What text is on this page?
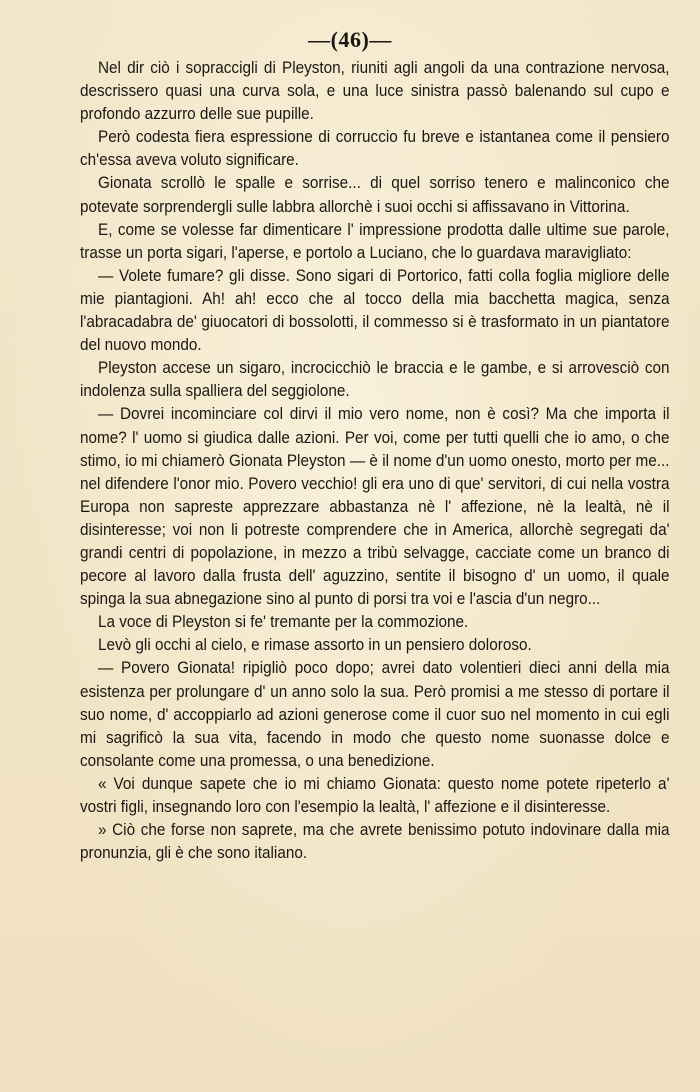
—(46)—

Nel dir ciò i sopraccigli di Pleyston, riuniti agli angoli da una contrazione nervosa, descrissero quasi una curva sola, e una luce sinistra passò balenando sul cupo e profondo azzurro delle sue pupille.

Però codesta fiera espressione di corruccio fu breve e istantanea come il pensiero ch'essa aveva voluto significare.

Gionata scrollò le spalle e sorrise... di quel sorriso tenero e malinconico che potevate sorprendergli sulle labbra allorchè i suoi occhi si affissavano in Vittorina.

E, come se volesse far dimenticare l' impressione prodotta dalle ultime sue parole, trasse un porta sigari, l'aperse, e portolo a Luciano, che lo guardava maravigliato:

— Volete fumare? gli disse. Sono sigari di Portorico, fatti colla foglia migliore delle mie piantagioni. Ah! ah! ecco che al tocco della mia bacchetta magica, senza l'abracadabra de' giuocatori di bossolotti, il commesso si è trasformato in un piantatore del nuovo mondo.

Pleyston accese un sigaro, incrocicchiò le braccia e le gambe, e si arrovesciò con indolenza sulla spalliera del seggiolone.

— Dovrei incominciare col dirvi il mio vero nome, non è così? Ma che importa il nome? l' uomo si giudica dalle azioni. Per voi, come per tutti quelli che io amo, o che stimo, io mi chiamerò Gionata Pleyston — è il nome d'un uomo onesto, morto per me... nel difendere l'onor mio. Povero vecchio! gli era uno di que' servitori, di cui nella vostra Europa non sapreste apprezzare abbastanza nè l' affezione, nè la lealtà, nè il disinteresse; voi non li potreste comprendere che in America, allorchè segregati da' grandi centri di popolazione, in mezzo a tribù selvagge, cacciate come un branco di pecore al lavoro dalla frusta dell' aguzzino, sentite il bisogno d' un uomo, il quale spinga la sua abnegazione sino al punto di porsi tra voi e l'ascia d'un negro...

La voce di Pleyston si fe' tremante per la commozione.

Levò gli occhi al cielo, e rimase assorto in un pensiero doloroso.

— Povero Gionata! ripigliò poco dopo; avrei dato volentieri dieci anni della mia esistenza per prolungare d' un anno solo la sua. Però promisi a me stesso di portare il suo nome, d' accoppiarlo ad azioni generose come il cuor suo nel momento in cui egli mi sagrificò la sua vita, facendo in modo che questo nome suonasse dolce e consolante come una promessa, o una benedizione.

« Voi dunque sapete che io mi chiamo Gionata: questo nome potete ripeterlo a' vostri figli, insegnando loro con l'esempio la lealtà, l' affezione e il disinteresse.

» Ciò che forse non saprete, ma che avrete benissimo potuto indovinare dalla mia pronunzia, gli è che sono italiano.
